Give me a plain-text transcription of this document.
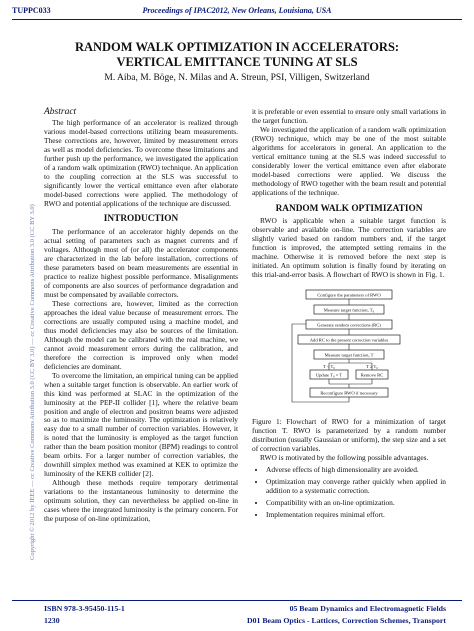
TUPPC033	Proceedings of IPAC2012, New Orleans, Louisiana, USA
RANDOM WALK OPTIMIZATION IN ACCELERATORS:
VERTICAL EMITTANCE TUNING AT SLS
M. Aiba, M. Böge, N. Milas and A. Streun, PSI, Villigen, Switzerland
Copyright © 2012 by IEEE — cc Creative Commons Attribution 3.0 (CC BY 3.0) — cc Creative Commons Attribution 3.0 (CC BY 3.0)
Abstract

The high performance of an accelerator is realized through various model-based corrections utilizing beam measurements. These corrections are, however, limited by measurement errors as well as model deficiencies. To overcome these limitations and further push up the performance, we investigated the application of a random walk optimization (RWO) technique. An application to the coupling correction at the SLS was successful to significantly lower the vertical emittance even after elaborate model-based corrections were applied. The methodology of RWO and potential applications of the technique are discussed.

INTRODUCTION

The performance of an accelerator highly depends on the actual setting of parameters such as magnet currents and rf voltages. Although most of (or all) the accelerator components are characterized in the lab before installation, corrections of these parameters based on beam measurements are essential in practice to realize highest possible performance. Misalignments of components are also sources of performance degradation and must be compensated by available correctors.

These corrections are, however, limited as the correction approaches the ideal value because of measurement errors. The corrections are usually computed using a machine model, and thus model deficiencies may also be sources of the limitation. Although the model can be calibrated with the real machine, we cannot avoid measurement errors during the calibration, and therefore the correction is improved only when model deficiencies are dominant.

To overcome the limitation, an empirical tuning can be applied when a suitable target function is observable. An earlier work of this kind was performed at SLAC in the optimization of the luminosity at the PEP-II collider [1], where the relative beam position and angle of electron and positron beams were adjusted so as to maximize the luminosity. The optimization is relatively easy due to a small number of correction variables. However, it is noted that the luminosity is employed as the target function rather than the beam position monitor (BPM) readings to control beam orbits. For a larger number of correction variables, the downhill simplex method was examined at KEK to optimize the luminosity of the KEKB collider [2].

Although these methods require temporary detrimental variations to the instantaneous luminosity to determine the optimum solution, they can nevertheless be applied on-line in cases where the integrated luminosity is the primary concern. For the purpose of on-line optimization,

it is preferable or even essential to ensure only small variations in the target function.

We investigated the application of a random walk optimization (RWO) technique, which may be one of the most suitable algorithms for accelerators in general. An application to the vertical emittance tuning at the SLS was indeed successful to considerably lower the vertical emittance even after elaborate model-based corrections were applied. We discuss the methodology of RWO together with the beam result and potential applications of the technique.

RANDOM WALK OPTIMIZATION

RWO is applicable when a suitable target function is observable and available on-line. The correction variables are slightly varied based on random numbers and, if the target function is improved, the attempted setting remains in the machine. Otherwise it is removed before the next step is initiated. An optimum solution is finally found by iterating on this trial-and-error basis. A flowchart of RWO is shown in Fig. 1.

Configure the parameters of RWO
Measure target function, T₀
Generate random corrections (RC)
Add RC to the present correction variables
Measure target function, T
T < T₀	T ≥ T₀
Update T₀ = T	Remove RC
Reconfigure RWO if necessary

Figure 1: Flowchart of RWO for a minimization of target function T. RWO is parameterized by a random number distribution (usually Gaussian or uniform), the step size and a set of correction variables.

RWO is motivated by the following possible advantages.

• Adverse effects of high dimensionality are avoided.
• Optimization may converge rather quickly when applied in addition to a systematic correction.
• Compatibility with an on-line optimization.
• Implementation requires minimal effort.
ISBN 978-3-95450-115-1	05 Beam Dynamics and Electromagnetic Fields
1230	D01 Beam Optics - Lattices, Correction Schemes, Transport
